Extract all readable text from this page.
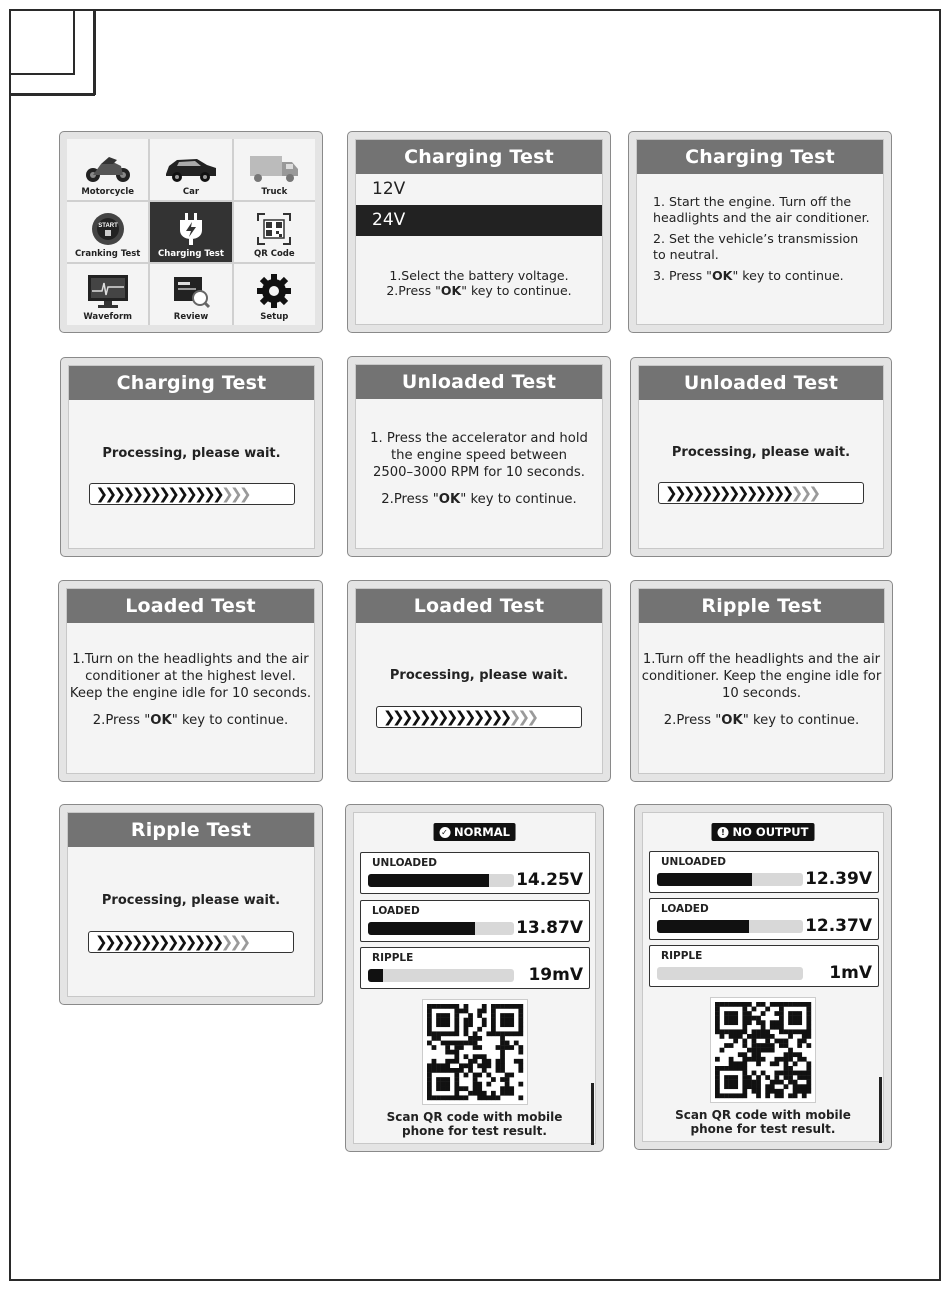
Motorcycle	Car	Truck
START
Cranking Test Charging Test	QR Code
Waveform	Review	Setup
Charging Test
12V
24V
1.Select the battery voltage.
2.Press "OK" key to continue.
Charging Test
1. Start the engine. Turn off the headlights and the air conditioner.
2. Set the vehicle’s transmission to neutral.
3. Press "OK" key to continue.
Charging Test
Processing, please wait.
❯❯❯❯❯❯❯❯❯❯❯❯❯❯ ❯❯❯
Unloaded Test
1. Press the accelerator and hold
the engine speed between
2500–3000 RPM for 10 seconds.
2.Press "OK" key to continue.
Unloaded Test
Processing, please wait.
❯❯❯❯❯❯❯❯❯❯❯❯❯❯ ❯❯❯
Loaded Test
1.Turn on the headlights and the air
conditioner at the highest level.
Keep the engine idle for 10 seconds.
2.Press "OK" key to continue.
Loaded Test
Processing, please wait.
❯❯❯❯❯❯❯❯❯❯❯❯❯❯ ❯❯❯
Ripple Test
1.Turn off the headlights and the air
conditioner. Keep the engine idle for
10 seconds.
2.Press "OK" key to continue.
Ripple Test
Processing, please wait.
❯❯❯❯❯❯❯❯❯❯❯❯❯❯ ❯❯❯
✓ NORMAL
UNLOADED
14.25V
LOADED
13.87V
RIPPLE
19mV
Scan QR code with mobile
phone for test result.
! NO OUTPUT
UNLOADED
12.39V
LOADED
12.37V
RIPPLE
1mV
Scan QR code with mobile
phone for test result.
